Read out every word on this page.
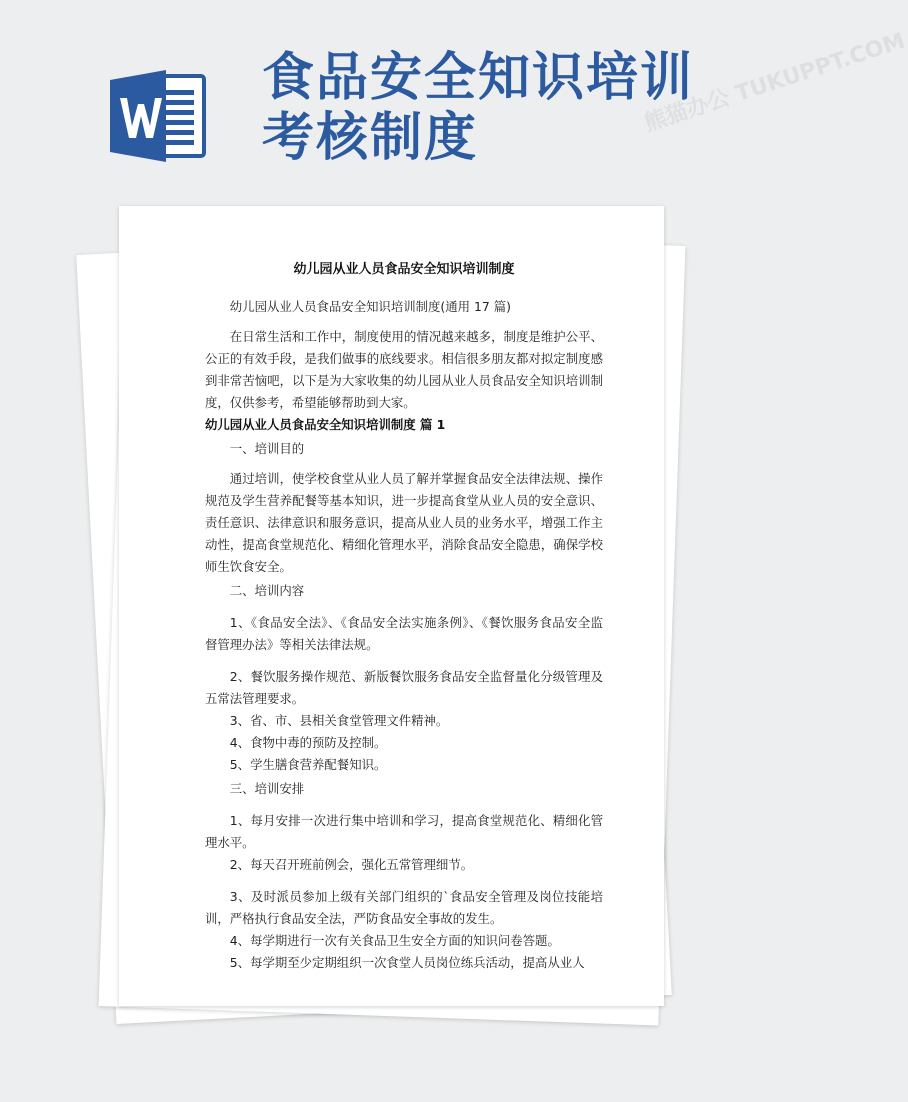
食品安全知识培训
考核制度
TUKUPPT.COM
幼儿园从业人员食品安全知识培训制度

幼儿园从业人员食品安全知识培训制度(通用 17 篇)

在日常生活和工作中，制度使用的情况越来越多，制度是维护公平、公正的有效手段，是我们做事的底线要求。相信很多朋友都对拟定制度感到非常苦恼吧，以下是为大家收集的幼儿园从业人员食品安全知识培训制度，仅供参考，希望能够帮助到大家。

幼儿园从业人员食品安全知识培训制度 篇 1

一、培训目的

通过培训，使学校食堂从业人员了解并掌握食品安全法律法规、操作规范及学生营养配餐等基本知识，进一步提高食堂从业人员的安全意识、责任意识、法律意识和服务意识，提高从业人员的业务水平，增强工作主动性，提高食堂规范化、精细化管理水平，消除食品安全隐患，确保学校师生饮食安全。

二、培训内容

1、《食品安全法》、《食品安全法实施条例》、《餐饮服务食品安全监督管理办法》等相关法律法规。

2、餐饮服务操作规范、新版餐饮服务食品安全监督量化分级管理及五常法管理要求。

3、省、市、县相关食堂管理文件精神。

4、食物中毒的预防及控制。

5、学生膳食营养配餐知识。

三、培训安排

1、每月安排一次进行集中培训和学习，提高食堂规范化、精细化管理水平。

2、每天召开班前例会，强化五常管理细节。

3、及时派员参加上级有关部门组织的`食品安全管理及岗位技能培训，严格执行食品安全法，严防食品安全事故的发生。

4、每学期进行一次有关食品卫生安全方面的知识问卷答题。

5、每学期至少定期组织一次食堂人员岗位练兵活动，提高从业人
